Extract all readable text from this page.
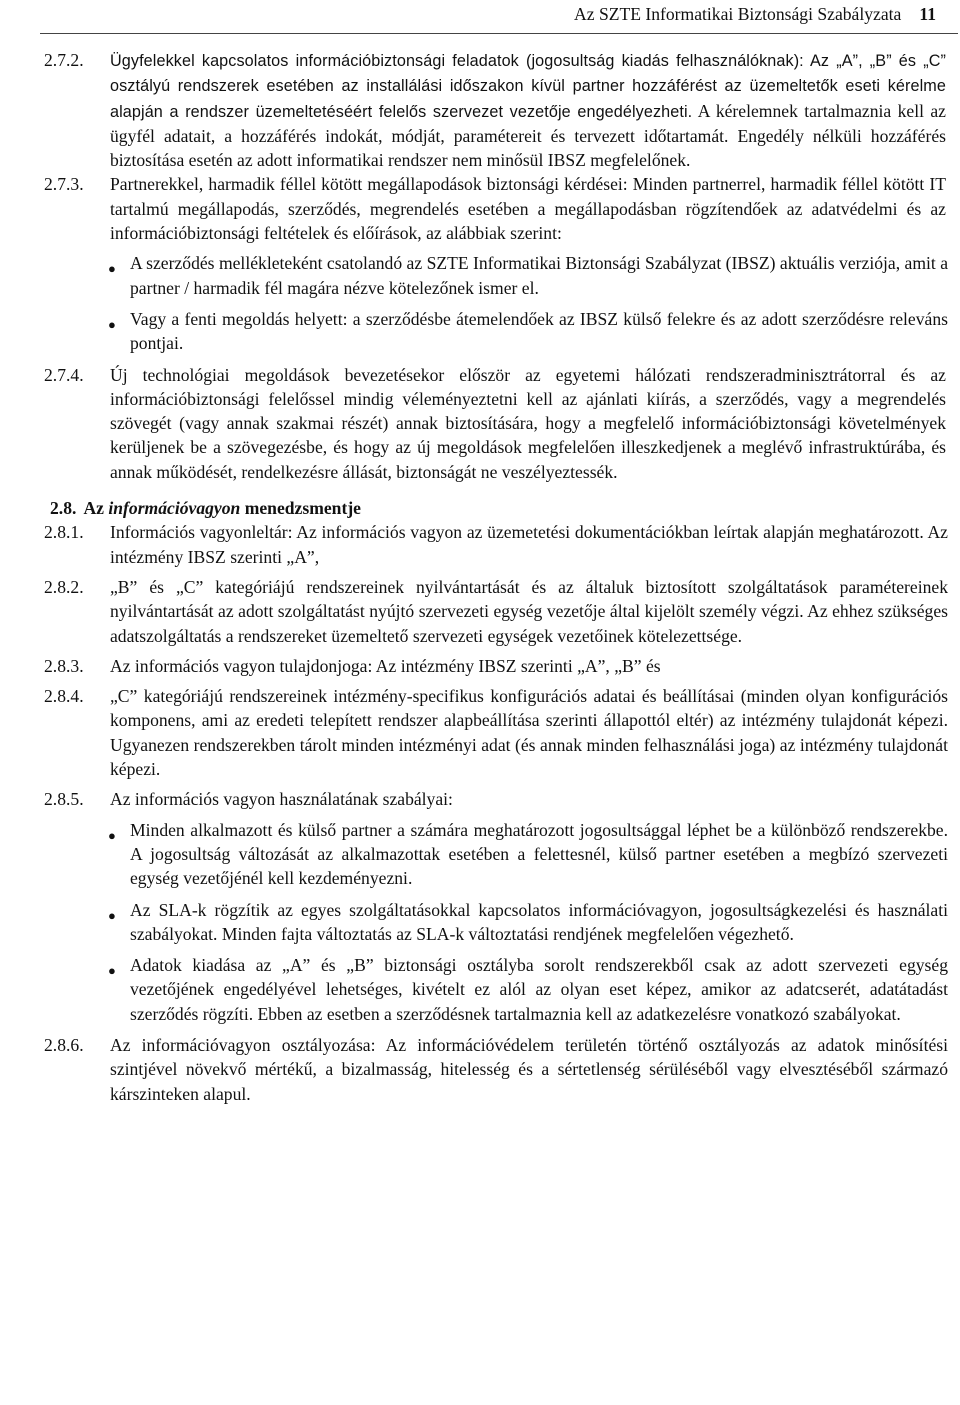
Az SZTE Informatikai Biztonsági Szabályzata 11
2.7.2. Ügyfelekkel kapcsolatos információbiztonsági feladatok (jogosultság kiadás felhasználóknak): Az „A”, „B” és „C” osztályú rendszerek esetében az installálási időszakon kívül partner hozzáférést az üzemeltetők eseti kérelme alapján a rendszer üzemeltetéséért felelős szervezet vezetője engedélyezheti. A kérelemnek tartalmaznia kell az ügyfél adatait, a hozzáférés indokát, módját, paramétereit és tervezett időtartamát. Engedély nélküli hozzáférés biztosítása esetén az adott informatikai rendszer nem minősül IBSZ megfelelőnek.
2.7.3. Partnerekkel, harmadik féllel kötött megállapodások biztonsági kérdései: Minden partnerrel, harmadik féllel kötött IT tartalmú megállapodás, szerződés, megrendelés esetében a megállapodásban rögzítendőek az adatvédelmi és az információbiztonsági feltételek és előírások, az alábbiak szerint:
● A szerződés mellékleteként csatolandó az SZTE Informatikai Biztonsági Szabályzat (IBSZ) aktuális verziója, amit a partner / harmadik fél magára nézve kötelezőnek ismer el.
● Vagy a fenti megoldás helyett: a szerződésbe átemelendőek az IBSZ külső felekre és az adott szerződésre releváns pontjai.
2.7.4. Új technológiai megoldások bevezetésekor először az egyetemi hálózati rendszeradminisztrátorral és az információbiztonsági felelőssel mindig véleményeztetni kell az ajánlati kiírás, a szerződés, vagy a megrendelés szövegét (vagy annak szakmai részét) annak biztosítására, hogy a megfelelő információbiztonsági követelmények kerüljenek be a szövegezésbe, és hogy az új megoldások megfelelően illeszkedjenek a meglévő infrastruktúrába, és annak működését, rendelkezésre állását, biztonságát ne veszélyeztessék.
2.8. Az információvagyon menedzsmentje
2.8.1. Információs vagyonleltár: Az információs vagyon az üzemetetési dokumentációkban leírtak alapján meghatározott. Az intézmény IBSZ szerinti „A”,
2.8.2. „B” és „C” kategóriájú rendszereinek nyilvántartását és az általuk biztosított szolgáltatások paramétereinek nyilvántartását az adott szolgáltatást nyújtó szervezeti egység vezetője által kijelölt személy végzi. Az ehhez szükséges adatszolgáltatás a rendszereket üzemeltető szervezeti egységek vezetőinek kötelezettsége.
2.8.3. Az információs vagyon tulajdonjoga: Az intézmény IBSZ szerinti „A”, „B” és
2.8.4. „C” kategóriájú rendszereinek intézmény-specifikus konfigurációs adatai és beállításai (minden olyan konfigurációs komponens, ami az eredeti telepített rendszer alapbeállítása szerinti állapottól eltér) az intézmény tulajdonát képezi. Ugyanezen rendszerekben tárolt minden intézményi adat (és annak minden felhasználási joga) az intézmény tulajdonát képezi.
2.8.5. Az információs vagyon használatának szabályai:
● Minden alkalmazott és külső partner a számára meghatározott jogosultsággal léphet be a különböző rendszerekbe. A jogosultság változását az alkalmazottak esetében a felettesnél, külső partner esetében a megbízó szervezeti egység vezetőjénél kell kezdeményezni.
● Az SLA-k rögzítik az egyes szolgáltatásokkal kapcsolatos információvagyon, jogosultságkezelési és használati szabályokat. Minden fajta változtatás az SLA-k változtatási rendjének megfelelően végezhető.
● Adatok kiadása az „A” és „B” biztonsági osztályba sorolt rendszerekből csak az adott szervezeti egység vezetőjének engedélyével lehetséges, kivételt ez alól az olyan eset képez, amikor az adatcserét, adatátadást szerződés rögzíti. Ebben az esetben a szerződésnek tartalmaznia kell az adatkezelésre vonatkozó szabályokat.
2.8.6. Az információvagyon osztályozása: Az információvédelem területén történő osztályozás az adatok minősítési szintjével növekvő mértékű, a bizalmasság, hitelesség és a sértetlenség sérüléséből vagy elvesztéséből származó kárszinteken alapul.
